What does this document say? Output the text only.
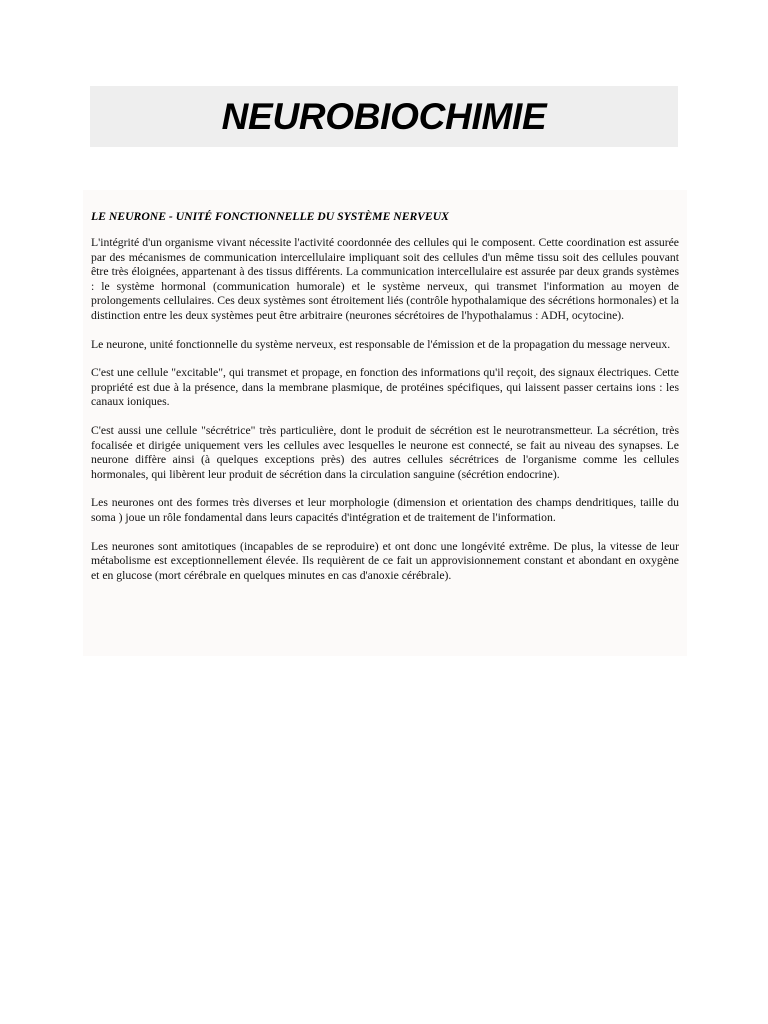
NEUROBIOCHIMIE

LE NEURONE - UNITÉ FONCTIONNELLE DU SYSTÈME NERVEUX

L'intégrité d'un organisme vivant nécessite l'activité coordonnée des cellules qui le composent. Cette coordination est assurée par des mécanismes de communication intercellulaire impliquant soit des cellules d'un même tissu soit des cellules pouvant être très éloignées, appartenant à des tissus différents. La communication intercellulaire est assurée par deux grands systèmes : le système hormonal (communication humorale) et le système nerveux, qui transmet l'information au moyen de prolongements cellulaires. Ces deux systèmes sont étroitement liés (contrôle hypothalamique des sécrétions hormonales) et la distinction entre les deux systèmes peut être arbitraire (neurones sécrétoires de l'hypothalamus : ADH, ocytocine).

Le neurone, unité fonctionnelle du système nerveux, est responsable de l'émission et de la propagation du message nerveux.

C'est une cellule "excitable", qui transmet et propage, en fonction des informations qu'il reçoit, des signaux électriques. Cette propriété est due à la présence, dans la membrane plasmique, de protéines spécifiques, qui laissent passer certains ions : les canaux ioniques.

C'est aussi une cellule "sécrétrice" très particulière, dont le produit de sécrétion est le neurotransmetteur. La sécrétion, très focalisée et dirigée uniquement vers les cellules avec lesquelles le neurone est connecté, se fait au niveau des synapses. Le neurone diffère ainsi (à quelques exceptions près) des autres cellules sécrétrices de l'organisme comme les cellules hormonales, qui libèrent leur produit de sécrétion dans la circulation sanguine (sécrétion endocrine).

Les neurones ont des formes très diverses et leur morphologie (dimension et orientation des champs dendritiques, taille du soma ) joue un rôle fondamental dans leurs capacités d'intégration et de traitement de l'information.

Les neurones sont amitotiques (incapables de se reproduire) et ont donc une longévité extrême. De plus, la vitesse de leur métabolisme est exceptionnellement élevée. Ils requièrent de ce fait un approvisionnement constant et abondant en oxygène et en glucose (mort cérébrale en quelques minutes en cas d'anoxie cérébrale).
